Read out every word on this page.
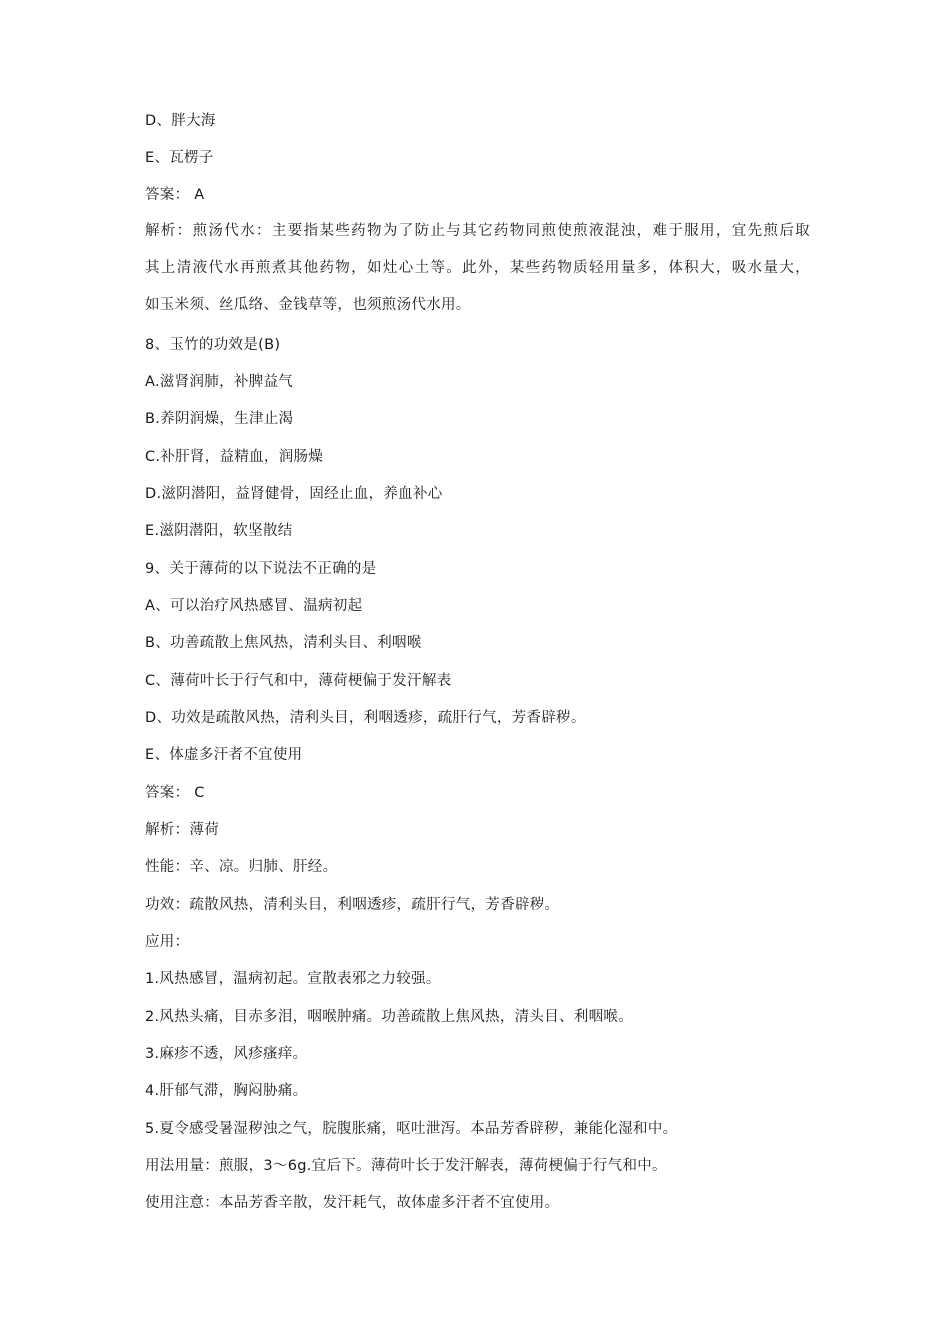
D、胖大海
E、瓦楞子
答案： A
解析：煎汤代水：主要指某些药物为了防止与其它药物同煎使煎液混浊，难于服用，宜先煎后取
其上清液代水再煎煮其他药物，如灶心土等。此外，某些药物质轻用量多，体积大，吸水量大，
如玉米须、丝瓜络、金钱草等，也须煎汤代水用。
8、玉竹的功效是(B)
A.滋肾润肺，补脾益气
B.养阴润燥，生津止渴
C.补肝肾，益精血，润肠燥
D.滋阴潜阳，益肾健骨，固经止血，养血补心
E.滋阴潜阳，软坚散结
9、关于薄荷的以下说法不正确的是
A、可以治疗风热感冒、温病初起
B、功善疏散上焦风热，清利头目、利咽喉
C、薄荷叶长于行气和中，薄荷梗偏于发汗解表
D、功效是疏散风热，清利头目，利咽透疹，疏肝行气，芳香辟秽。
E、体虚多汗者不宜使用
答案： C
解析：薄荷
性能：辛、凉。归肺、肝经。
功效：疏散风热，清利头目，利咽透疹，疏肝行气，芳香辟秽。
应用：
1.风热感冒，温病初起。宣散表邪之力较强。
2.风热头痛，目赤多泪，咽喉肿痛。功善疏散上焦风热，清头目、利咽喉。
3.麻疹不透，风疹瘙痒。
4.肝郁气滞，胸闷胁痛。
5.夏令感受暑湿秽浊之气，脘腹胀痛，呕吐泄泻。本品芳香辟秽，兼能化湿和中。
用法用量：煎服，3～6g.宜后下。薄荷叶长于发汗解表，薄荷梗偏于行气和中。
使用注意：本品芳香辛散，发汗耗气，故体虚多汗者不宜使用。
